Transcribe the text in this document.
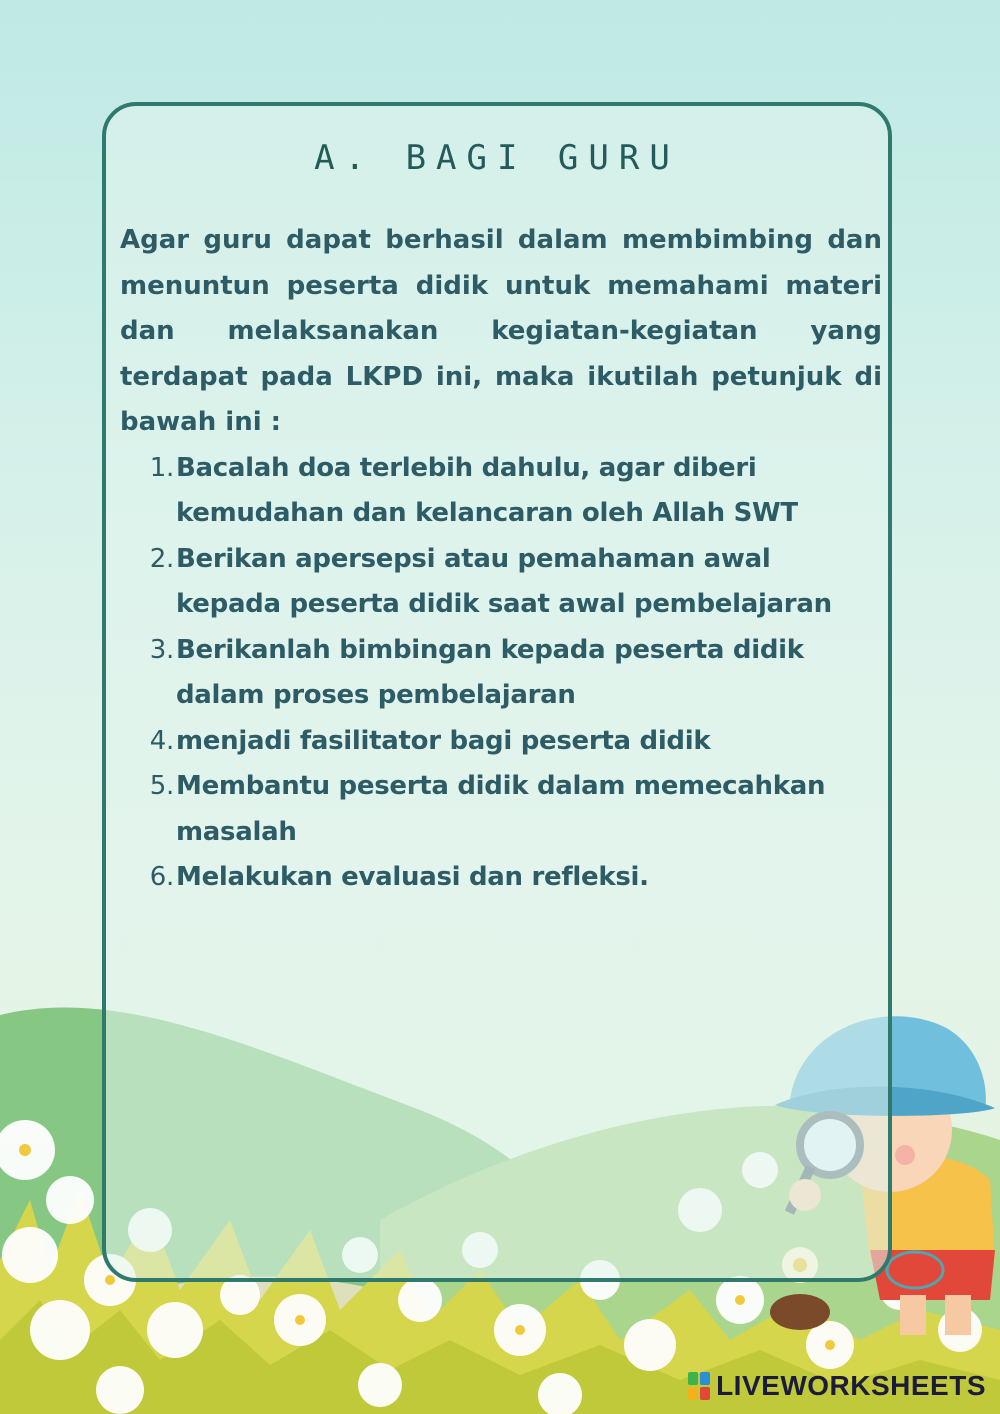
A. BAGI GURU

Agar guru dapat berhasil dalam membimbing dan menuntun peserta didik untuk memahami materi dan melaksanakan kegiatan-kegiatan yang terdapat pada LKPD ini, maka ikutilah petunjuk di bawah ini :

1. Bacalah doa terlebih dahulu, agar diberi kemudahan dan kelancaran oleh Allah SWT
2. Berikan apersepsi atau pemahaman awal kepada peserta didik saat awal pembelajaran
3. Berikanlah bimbingan kepada peserta didik dalam proses pembelajaran
4. menjadi fasilitator bagi peserta didik
5. Membantu peserta didik dalam memecahkan masalah
6. Melakukan evaluasi dan refleksi.
LIVEWORKSHEETS
